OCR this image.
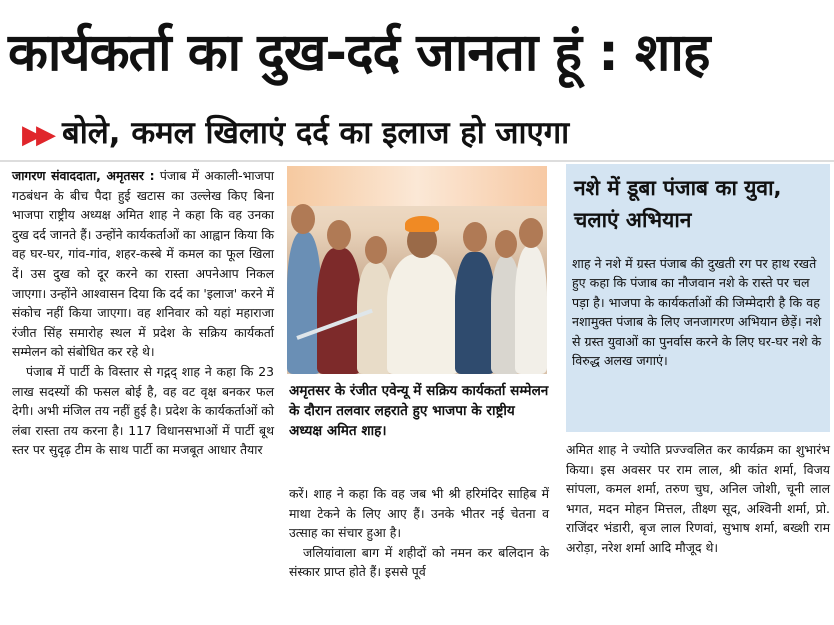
कार्यकर्ता का दुख-दर्द जानता हूं : शाह
▶▶ बोले, कमल खिलाएं दर्द का इलाज हो जाएगा

जागरण संवाददाता, अमृतसर : पंजाब में अकाली-भाजपा गठबंधन के बीच पैदा हुई खटास का उल्लेख किए बिना भाजपा राष्ट्रीय अध्यक्ष अमित शाह ने कहा कि वह उनका दुख दर्द जानते हैं। उन्होंने कार्यकर्ताओं का आह्वान किया कि वह घर-घर, गांव-गांव, शहर-कस्बे में कमल का फूल खिला दें। उस दुख को दूर करने का रास्ता अपनेआप निकल जाएगा। उन्होंने आश्वासन दिया कि दर्द का 'इलाज' करने में संकोच नहीं किया जाएगा। वह शनिवार को यहां महाराजा रंजीत सिंह समारोह स्थल में प्रदेश के सक्रिय कार्यकर्ता सम्मेलन को संबोधित कर रहे थे।

पंजाब में पार्टी के विस्तार से गद्गद् शाह ने कहा कि 23 लाख सदस्यों की फसल बोई है, वह वट वृक्ष बनकर फल देगी। अभी मंजिल तय नहीं हुई है। प्रदेश के कार्यकर्ताओं को लंबा रास्ता तय करना है। 117 विधानसभाओं में पार्टी बूथ स्तर पर सुदृढ़ टीम के साथ पार्टी का मजबूत आधार तैयार

अमृतसर के रंजीत एवेन्यू में सक्रिय कार्यकर्ता सम्मेलन के दौरान तलवार लहराते हुए भाजपा के राष्ट्रीय अध्यक्ष अमित शाह।

करें। शाह ने कहा कि वह जब भी श्री हरिमंदिर साहिब में माथा टेकने के लिए आए हैं। उनके भीतर नई चेतना व उत्साह का संचार हुआ है।

जलियांवाला बाग में शहीदों को नमन कर बलिदान के संस्कार प्राप्त होते हैं। इससे पूर्व

नशे में डूबा पंजाब का युवा, चलाएं अभियान
शाह ने नशे में ग्रस्त पंजाब की दुखती रग पर हाथ रखते हुए कहा कि पंजाब का नौजवान नशे के रास्ते पर चल पड़ा है। भाजपा के कार्यकर्ताओं की जिम्मेदारी है कि वह नशामुक्त पंजाब के लिए जनजागरण अभियान छेड़ें। नशे से ग्रस्त युवाओं का पुनर्वास करने के लिए घर-घर नशे के विरुद्ध अलख जगाएं।

अमित शाह ने ज्योति प्रज्ज्वलित कर कार्यक्रम का शुभारंभ किया। इस अवसर पर राम लाल, श्री कांत शर्मा, विजय सांपला, कमल शर्मा, तरुण चुघ, अनिल जोशी, चूनी लाल भगत, मदन मोहन मित्तल, तीक्ष्ण सूद, अश्विनी शर्मा, प्रो. राजिंदर भंडारी, बृज लाल रिणवां, सुभाष शर्मा, बख्शी राम अरोड़ा, नरेश शर्मा आदि मौजूद थे।
